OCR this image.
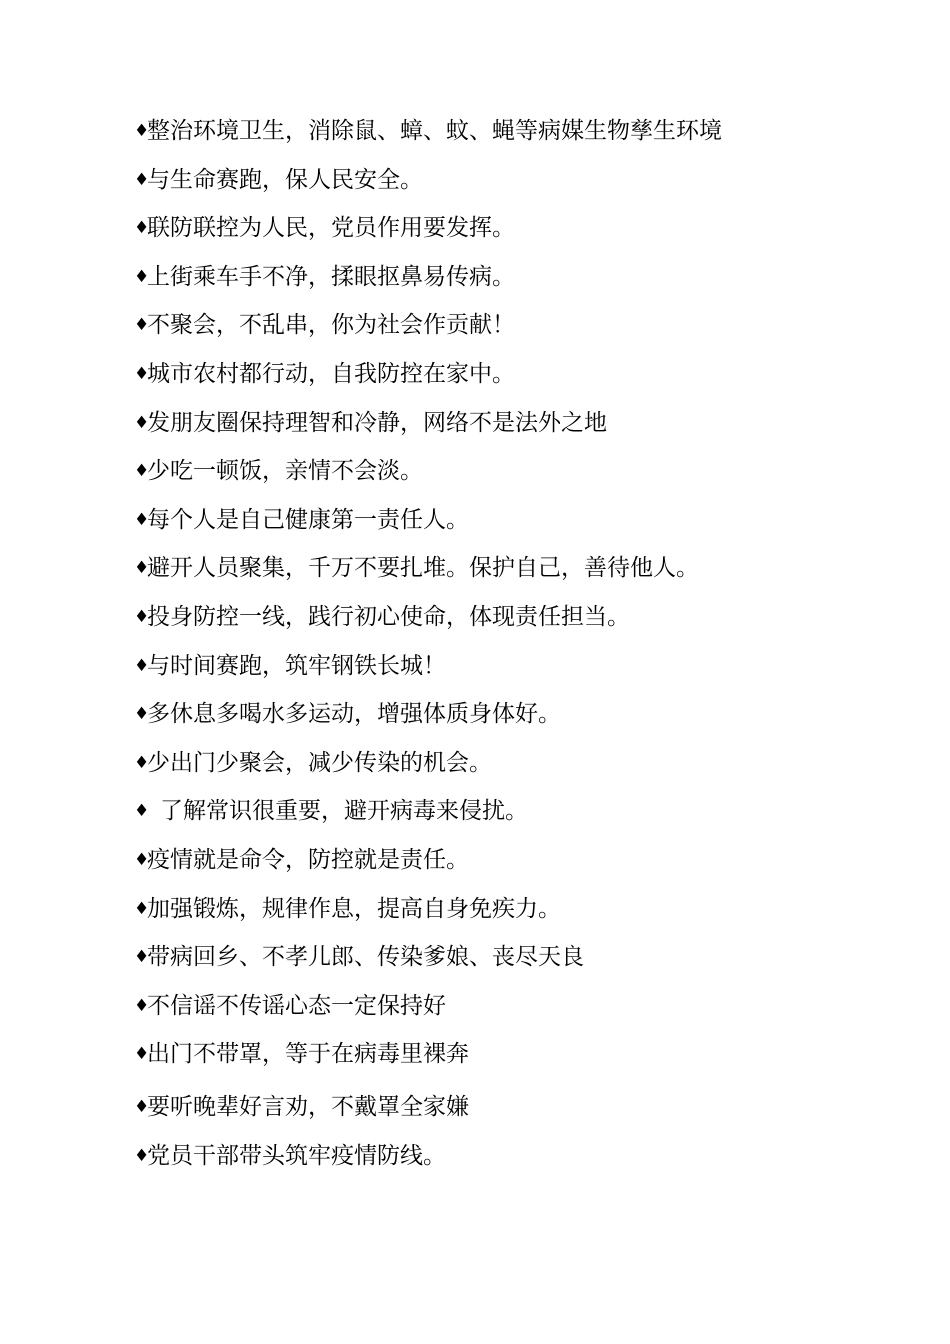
♦整治环境卫生，消除鼠、蟑、蚊、蝇等病媒生物孳生环境
♦与生命赛跑，保人民安全。
♦联防联控为人民，党员作用要发挥。
♦上街乘车手不净，揉眼抠鼻易传病。
♦不聚会，不乱串，你为社会作贡献！
♦城市农村都行动，自我防控在家中。
♦发朋友圈保持理智和冷静，网络不是法外之地
♦少吃一顿饭，亲情不会淡。
♦每个人是自己健康第一责任人。
♦避开人员聚集，千万不要扎堆。保护自己，善待他人。
♦投身防控一线，践行初心使命，体现责任担当。
♦与时间赛跑，筑牢钢铁长城！
♦多休息多喝水多运动，增强体质身体好。
♦少出门少聚会，减少传染的机会。
♦ 了解常识很重要，避开病毒来侵扰。
♦疫情就是命令，防控就是责任。
♦加强锻炼，规律作息，提高自身免疾力。
♦带病回乡、不孝儿郎、传染爹娘、丧尽天良
♦不信谣不传谣心态一定保持好
♦出门不带罩，等于在病毒里裸奔
♦要听晚辈好言劝，不戴罩全家嫌
♦党员干部带头筑牢疫情防线。
